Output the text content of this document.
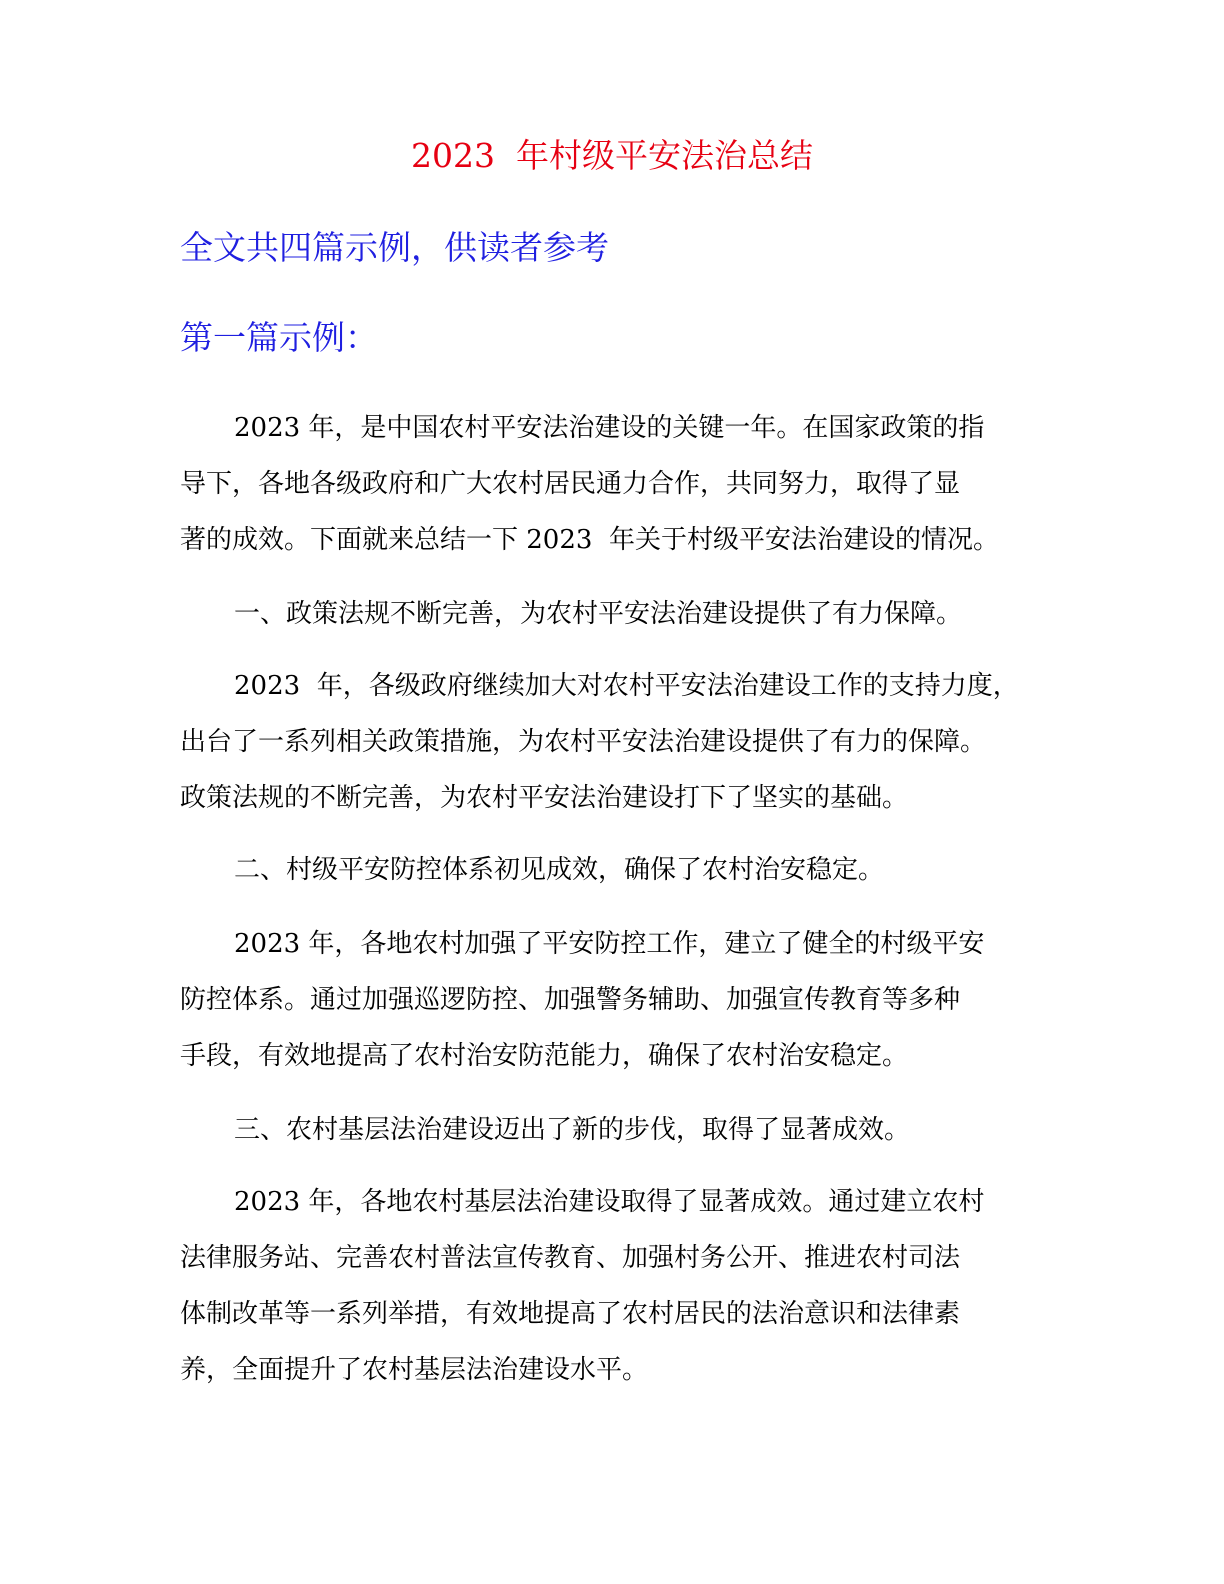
2023  年村级平安法治总结
全文共四篇示例，供读者参考
第一篇示例：
2023 年，是中国农村平安法治建设的关键一年。在国家政策的指
导下，各地各级政府和广大农村居民通力合作，共同努力，取得了显
著的成效。下面就来总结一下 2023  年关于村级平安法治建设的情况。
一、政策法规不断完善，为农村平安法治建设提供了有力保障。
2023  年，各级政府继续加大对农村平安法治建设工作的支持力度，
出台了一系列相关政策措施，为农村平安法治建设提供了有力的保障。
政策法规的不断完善，为农村平安法治建设打下了坚实的基础。
二、村级平安防控体系初见成效，确保了农村治安稳定。
2023 年，各地农村加强了平安防控工作，建立了健全的村级平安
防控体系。通过加强巡逻防控、加强警务辅助、加强宣传教育等多种
手段，有效地提高了农村治安防范能力，确保了农村治安稳定。
三、农村基层法治建设迈出了新的步伐，取得了显著成效。
2023 年，各地农村基层法治建设取得了显著成效。通过建立农村
法律服务站、完善农村普法宣传教育、加强村务公开、推进农村司法
体制改革等一系列举措，有效地提高了农村居民的法治意识和法律素
养，全面提升了农村基层法治建设水平。
